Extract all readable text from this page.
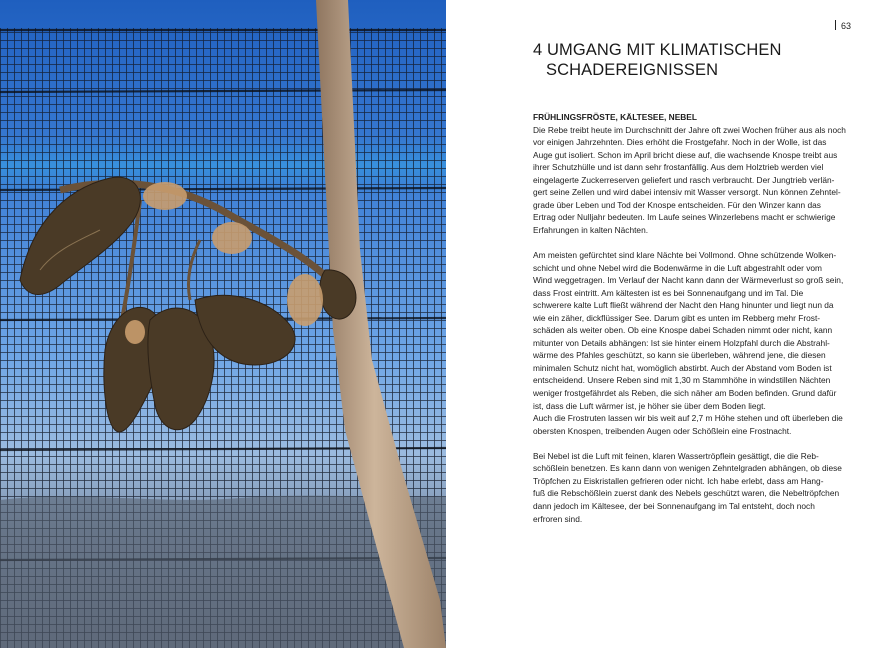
63
4 UMGANG MIT KLIMATISCHEN
SCHADEREIGNISSEN
FRÜHLINGSFRÖSTE, KÄLTESEE, NEBEL
Die Rebe treibt heute im Durchschnitt der Jahre oft zwei Wochen früher aus als noch
vor einigen Jahrzehnten. Dies erhöht die Frostgefahr. Noch in der Wolle, ist das
Auge gut isoliert. Schon im April bricht diese auf, die wachsende Knospe treibt aus
ihrer Schutzhülle und ist dann sehr frostanfällig. Aus dem Holztrieb werden viel
eingelagerte Zuckerreserven geliefert und rasch verbraucht. Der Jungtrieb verlän-
gert seine Zellen und wird dabei intensiv mit Wasser versorgt. Nun können Zehntel-
grade über Leben und Tod der Knospe entscheiden. Für den Winzer kann das
Ertrag oder Nulljahr bedeuten. Im Laufe seines Winzerlebens macht er schwierige
Erfahrungen in kalten Nächten.
Am meisten gefürchtet sind klare Nächte bei Vollmond. Ohne schützende Wolken-
schicht und ohne Nebel wird die Bodenwärme in die Luft abgestrahlt oder vom
Wind weggetragen. Im Verlauf der Nacht kann dann der Wärmeverlust so groß sein,
dass Frost eintritt. Am kältesten ist es bei Sonnenaufgang und im Tal. Die
schwerere kalte Luft fließt während der Nacht den Hang hinunter und liegt nun da
wie ein zäher, dickflüssiger See. Darum gibt es unten im Rebberg mehr Frost-
schäden als weiter oben. Ob eine Knospe dabei Schaden nimmt oder nicht, kann
mitunter von Details abhängen: Ist sie hinter einem Holzpfahl durch die Abstrahl-
wärme des Pfahles geschützt, so kann sie überleben, während jene, die diesen
minimalen Schutz nicht hat, womöglich abstirbt. Auch der Abstand vom Boden ist
entscheidend. Unsere Reben sind mit 1,30 m Stammhöhe in windstillen Nächten
weniger frostgefährdet als Reben, die sich näher am Boden befinden. Grund dafür
ist, dass die Luft wärmer ist, je höher sie über dem Boden liegt.
Auch die Frostruten lassen wir bis weit auf 2,7 m Höhe stehen und oft überleben die
obersten Knospen, treibenden Augen oder Schößlein eine Frostnacht.
Bei Nebel ist die Luft mit feinen, klaren Wassertröpflein gesättigt, die die Reb-
schößlein benetzen. Es kann dann von wenigen Zehntelgraden abhängen, ob diese
Tröpfchen zu Eiskristallen gefrieren oder nicht. Ich habe erlebt, dass am Hang-
fuß die Rebschößlein zuerst dank des Nebels geschützt waren, die Nebeltröpfchen
dann jedoch im Kältesee, der bei Sonnenaufgang im Tal entsteht, doch noch
erfroren sind.
